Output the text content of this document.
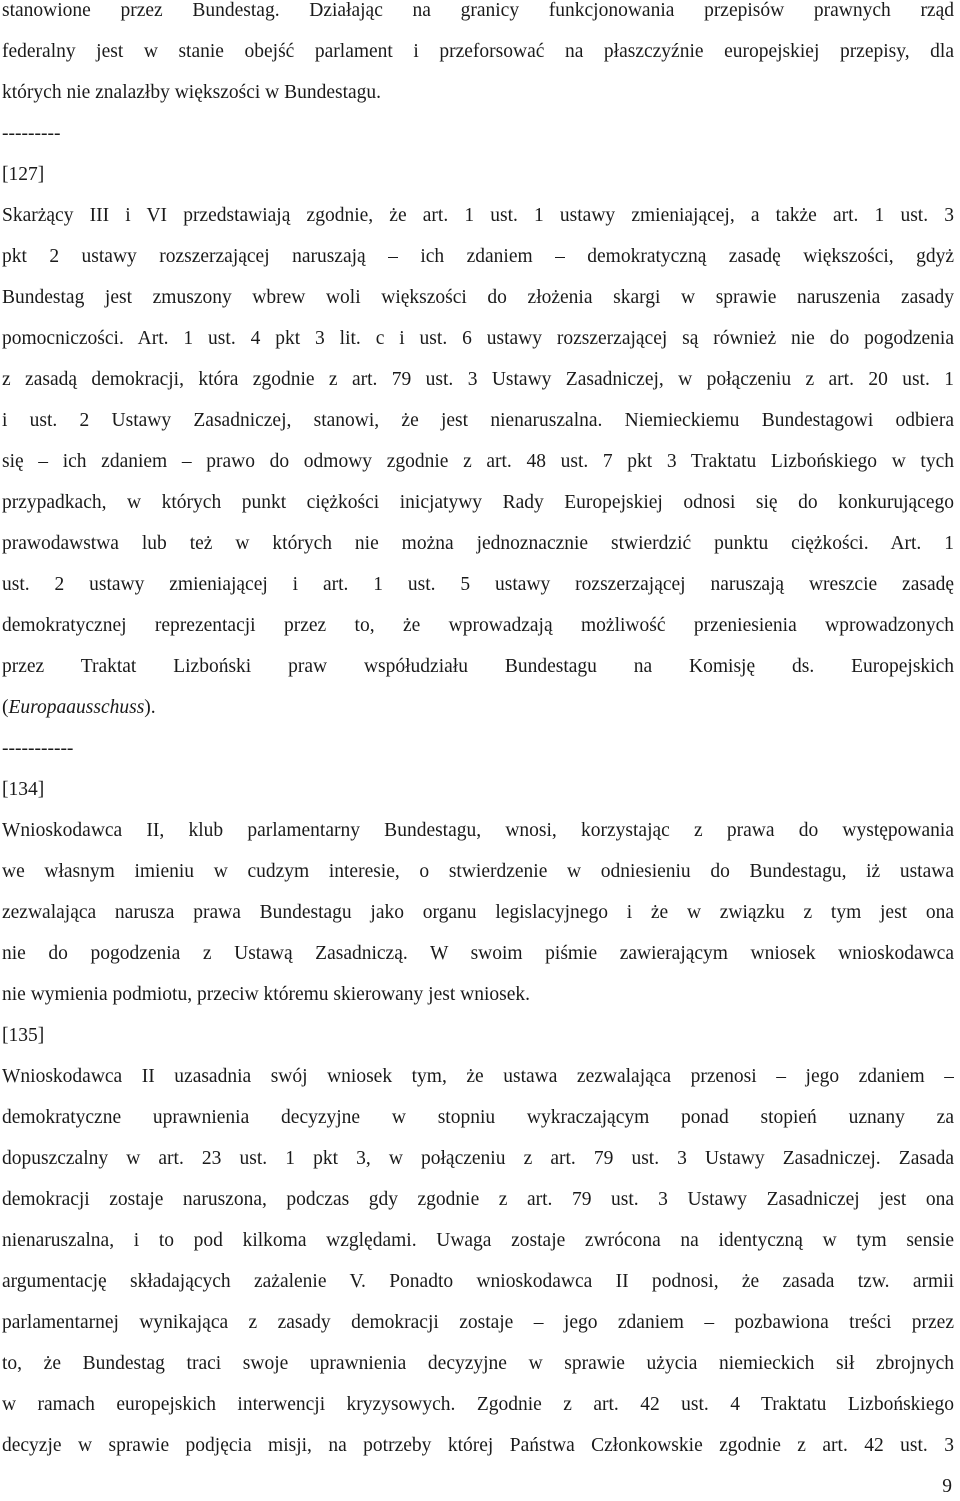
stanowione przez Bundestag. Działając na granicy funkcjonowania przepisów prawnych rząd
federalny jest w stanie obejść parlament i przeforsować na płaszczyźnie europejskiej przepisy, dla
których nie znalazłby większości w Bundestagu.
---------
[127]
Skarżący III i VI przedstawiają zgodnie, że art. 1 ust. 1 ustawy zmieniającej, a także art. 1 ust. 3
pkt 2 ustawy rozszerzającej naruszają – ich zdaniem – demokratyczną zasadę większości, gdyż
Bundestag jest zmuszony wbrew woli większości do złożenia skargi w sprawie naruszenia zasady
pomocniczości. Art. 1 ust. 4 pkt 3 lit. c i ust. 6 ustawy rozszerzającej są również nie do pogodzenia
z zasadą demokracji, która zgodnie z art. 79 ust. 3 Ustawy Zasadniczej, w połączeniu z art. 20 ust. 1
i ust. 2 Ustawy Zasadniczej, stanowi, że jest nienaruszalna. Niemieckiemu Bundestagowi odbiera
się – ich zdaniem – prawo do odmowy zgodnie z art. 48 ust. 7 pkt 3 Traktatu Lizbońskiego w tych
przypadkach, w których punkt ciężkości inicjatywy Rady Europejskiej odnosi się do konkurującego
prawodawstwa lub też w których nie można jednoznacznie stwierdzić punktu ciężkości. Art. 1
ust. 2 ustawy zmieniającej i art. 1 ust. 5 ustawy rozszerzającej naruszają wreszcie zasadę
demokratycznej reprezentacji przez to, że wprowadzają możliwość przeniesienia wprowadzonych
przez Traktat Lizboński praw współudziału Bundestagu na Komisję ds. Europejskich
(Europaausschuss).
-----------
[134]
Wnioskodawca II, klub parlamentarny Bundestagu, wnosi, korzystając z prawa do występowania
we własnym imieniu w cudzym interesie, o stwierdzenie w odniesieniu do Bundestagu, iż ustawa
zezwalająca narusza prawa Bundestagu jako organu legislacyjnego i że w związku z tym jest ona
nie do pogodzenia z Ustawą Zasadniczą. W swoim piśmie zawierającym wniosek wnioskodawca
nie wymienia podmiotu, przeciw któremu skierowany jest wniosek.
[135]
Wnioskodawca II uzasadnia swój wniosek tym, że ustawa zezwalająca przenosi – jego zdaniem –
demokratyczne uprawnienia decyzyjne w stopniu wykraczającym ponad stopień uznany za
dopuszczalny w art. 23 ust. 1 pkt 3, w połączeniu z art. 79 ust. 3 Ustawy Zasadniczej. Zasada
demokracji zostaje naruszona, podczas gdy zgodnie z art. 79 ust. 3 Ustawy Zasadniczej jest ona
nienaruszalna, i to pod kilkoma względami. Uwaga zostaje zwrócona na identyczną w tym sensie
argumentację składających zażalenie V. Ponadto wnioskodawca II podnosi, że zasada tzw. armii
parlamentarnej wynikająca z zasady demokracji zostaje – jego zdaniem – pozbawiona treści przez
to, że Bundestag traci swoje uprawnienia decyzyjne w sprawie użycia niemieckich sił zbrojnych
w ramach europejskich interwencji kryzysowych. Zgodnie z art. 42 ust. 4 Traktatu Lizbońskiego
decyzje w sprawie podjęcia misji, na potrzeby której Państwa Członkowskie zgodnie z art. 42 ust. 3
9
